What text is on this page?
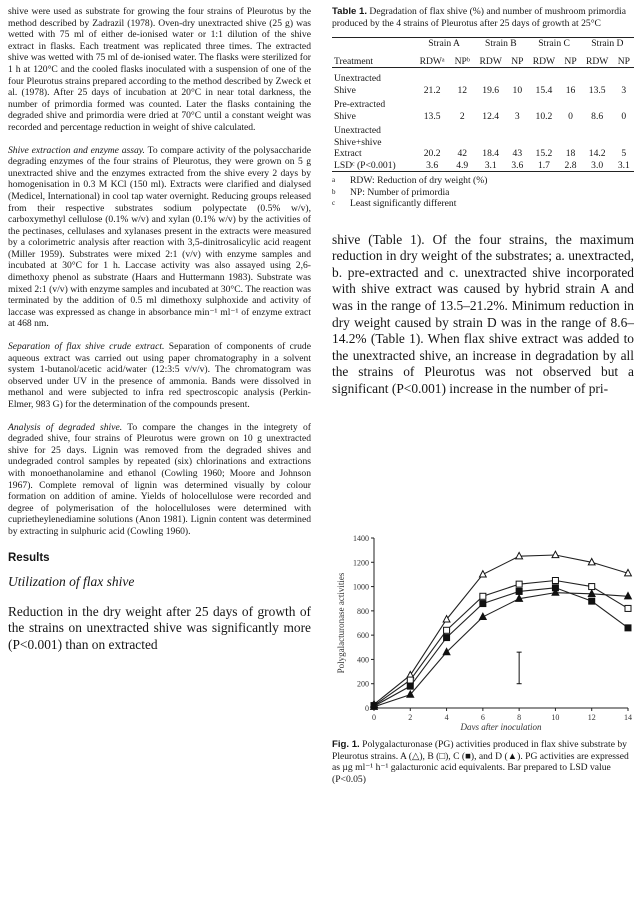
shive were used as substrate for growing the four strains of Pleurotus by the method described by Zadrazil (1978). Oven-dry unextracted shive (25 g) was wetted with 75 ml of either de-ionised water or 1:1 dilution of the shive extract in flasks. Each treatment was replicated three times. The extracted shive was wetted with 75 ml of de-ionised water. The flasks were sterilized for 1 h at 120°C and the cooled flasks inoculated with a suspension of one of the four Pleurotus strains prepared according to the method described by Zweck et al. (1978). After 25 days of incubation at 20°C in near total darkness, the number of primordia formed was counted. Later the flasks containing the degraded shive and primordia were dried at 70°C until a constant weight was recorded and percentage reduction in weight of shive calculated.

Shive extraction and enzyme assay. To compare activity of the polysaccharide degrading enzymes of the four strains of Pleurotus, they were grown on 5 g unextracted shive and the enzymes extracted from the shive every 2 days by homogenisation in 0.3 M KCl (150 ml). Extracts were clarified and dialysed (Medicel, International) in cool tap water overnight. Reducing groups released from their respective substrates sodium polypectate (0.5% w/v), carboxymethyl cellulose (0.1% w/v) and xylan (0.1% w/v) by the activities of the pectinases, cellulases and xylanases present in the extracts were measured by a colorimetric analysis after reaction with 3,5-dinitrosalicylic acid reagent (Miller 1959). Substrates were mixed 2:1 (v/v) with enzyme samples and incubated at 30°C for 1 h. Laccase activity was also assayed using 2,6-dimethoxy phenol as substrate (Haars and Huttermann 1983). Substrate was mixed 2:1 (v/v) with enzyme samples and incubated at 30°C. The reaction was terminated by the addition of 0.5 ml dimethoxy sulphoxide and activity of laccase was expressed as change in absorbance min⁻¹ ml⁻¹ of enzyme extract at 468 nm.

Separation of flax shive crude extract. Separation of components of crude aqueous extract was carried out using paper chromatography in a solvent system 1-butanol/acetic acid/water (12:3:5 v/v/v). The chromatogram was observed under UV in the presence of ammonia. Bands were dissolved in methanol and were subjected to infra red spectroscopic analysis (Perkin-Elmer, 983 G) for the determination of the compounds present.

Analysis of degraded shive. To compare the changes in the integrety of degraded shive, four strains of Pleurotus were grown on 10 g unextracted shive for 25 days. Lignin was removed from the degraded shives and undegraded control samples by repeated (six) chlorinations and extractions with monoethanolamine and ethanol (Cowling 1960; Moore and Johnson 1967). Complete removal of lignin was determined visually by colour formation on addition of amine. Yields of holocellulose were recorded and degree of polymerisation of the holocelluloses were determined with cuprietheylenediamine solutions (Anon 1981). Lignin content was determined by extracting in sulphuric acid (Cowling 1960).

Results
Utilization of flax shive

Reduction in the dry weight after 25 days of growth of the strains on unextracted shive was significantly more (P<0.001) than on extracted

Table 1. Degradation of flax shive (%) and number of mushroom primordia produced by the 4 strains of Pleurotus after 25 days of growth at 25°C
	Strain A		Strain B		Strain C		Strain D	
Treatment	RDWᵃ	NPᵇ	RDW	NP	RDW	NP	RDW	NP
Unextracted								
Shive	21.2	12	19.6	10	15.4	16	13.5	3
Pre-extracted								
Shive	13.5	2	12.4	3	10.2	0	8.6	0
Unextracted								
Shive+shive								
Extract	20.2	42	18.4	43	15.2	18	14.2	5
LSDᶜ (P<0.001)	3.6	4.9	3.1	3.6	1.7	2.8	3.0	3.1
a RDW: Reduction of dry weight (%)
b NP: Number of primordia
c Least significantly different

shive (Table 1). Of the four strains, the maximum reduction in dry weight of the substrates; a. unextracted, b. pre-extracted and c. unextracted shive incorporated with shive extract was caused by hybrid strain A and was in the range of 13.5–21.2%. Minimum reduction in dry weight caused by strain D was in the range of 8.6–14.2% (Table 1). When flax shive extract was added to the unextracted shive, an increase in degradation by all the strains of Pleurotus was not observed but a significant (P<0.001) increase in the number of pri-

0
200
400
600
800
1000
1200
1400
0	2	4	6	8	10	12	14
Days after inoculation
Polygalacturonase activities
Fig. 1. Polygalacturonase (PG) activities produced in flax shive substrate by Pleurotus strains. A (△), B (□), C (■), and D (▲). PG activities are expressed as µg ml⁻¹ h⁻¹ galacturonic acid equivalents. Bar prepared to LSD value (P<0.05)
